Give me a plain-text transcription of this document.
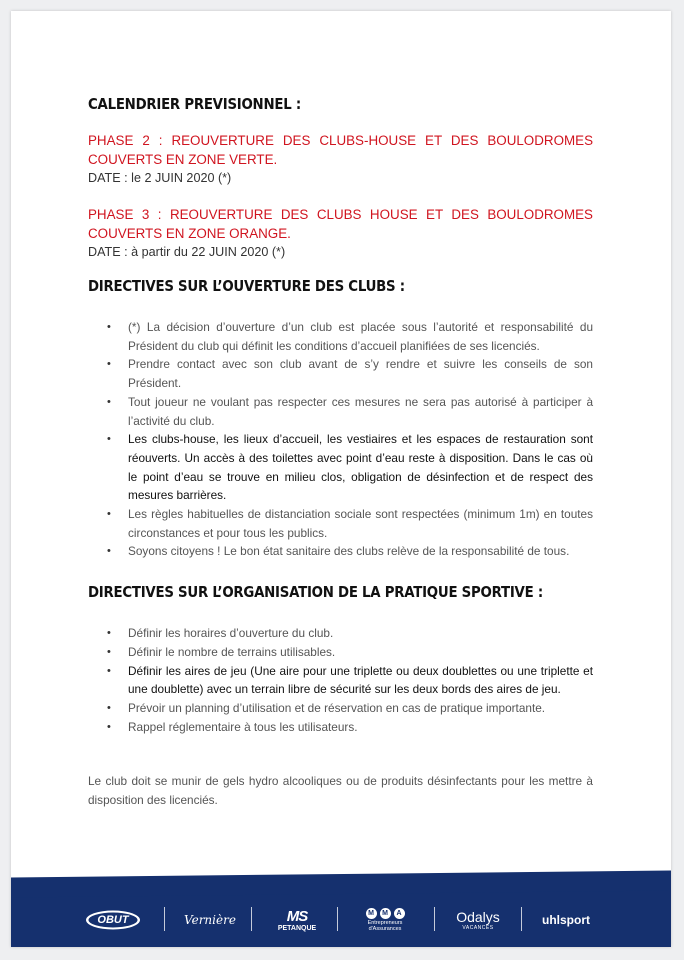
CALENDRIER PREVISIONNEL :

PHASE 2 : REOUVERTURE DES CLUBS-HOUSE ET DES BOULODROMES COUVERTS EN ZONE VERTE.

DATE : le 2 JUIN 2020 (*)

PHASE 3 : REOUVERTURE DES CLUBS HOUSE ET DES BOULODROMES COUVERTS EN ZONE ORANGE.

DATE : à partir du 22 JUIN 2020 (*)

DIRECTIVES SUR L’OUVERTURE DES CLUBS :
• (*) La décision d’ouverture d’un club est placée sous l’autorité et responsabilité du Président du club qui définit les conditions d’accueil planifiées de ses licenciés.
• Prendre contact avec son club avant de s’y rendre et suivre les conseils de son Président.
• Tout joueur ne voulant pas respecter ces mesures ne sera pas autorisé à participer à l’activité du club.
• Les clubs-house, les lieux d’accueil, les vestiaires et les espaces de restauration sont réouverts. Un accès à des toilettes avec point d’eau reste à disposition. Dans le cas où le point d’eau se trouve en milieu clos, obligation de désinfection et de respect des mesures barrières.
• Les règles habituelles de distanciation sociale sont respectées (minimum 1m) en toutes circonstances et pour tous les publics.
• Soyons citoyens ! Le bon état sanitaire des clubs relève de la responsabilité de tous.
DIRECTIVES SUR L’ORGANISATION DE LA PRATIQUE SPORTIVE :
• Définir les horaires d’ouverture du club.
• Définir le nombre de terrains utilisables.
• Définir les aires de jeu (Une aire pour une triplette ou deux doublettes ou une triplette et une doublette) avec un terrain libre de sécurité sur les deux bords des aires de jeu.
• Prévoir un planning d’utilisation et de réservation en cas de pratique importante.
• Rappel réglementaire à tous les utilisateurs.

Le club doit se munir de gels hydro alcooliques ou de produits désinfectants pour les mettre à disposition des licenciés.

OBUT	Vernière	MS
PETANQUE
M	M	A
Entrepreneurs
d'Assurances
Odalys
VACANCES
uhlsport
